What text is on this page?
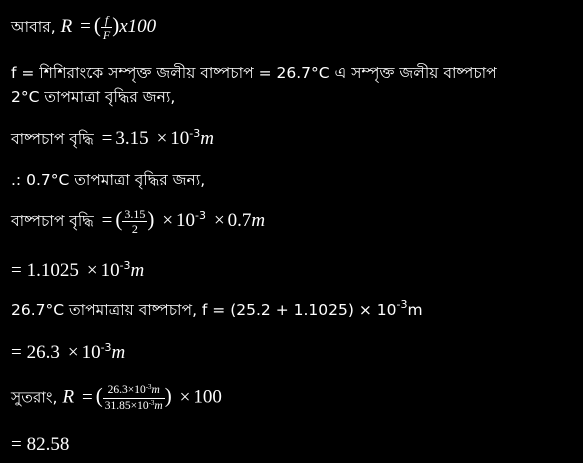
আবার, R = ( $\frac{f}{F} )x100$
f = শিশিরাংকে সম্পৃক্ত জলীয় বাষ্পচাপ = 26.7°C এ সম্পৃক্ত জলীয় বাষ্পচাপ
2°C তাপমাত্রা বৃদ্ধির জন্য,
বাষ্পচাপ বৃদ্ধি = $3.15 \times 10^{-3}m$
.: 0.7°C তাপমাত্রা বৃদ্ধির জন্য,
বাষ্পচাপ বৃদ্ধি = ( $\frac{3.15}{2}$ ) × $10^{-3} \times 0.7m$
= $1.1025 \times 10^{-3}m$
26.7°C তাপমাত্রায় বাষ্পচাপ, $f = (25.2 + 1.1025) \times 10^{-3}m$
= $26.3 \times 10^{-3}m$
সুতরাং, R = ( $\frac{26.3\times 10^{-3}m}{31.85\times 10^{-3}m}$ ) × 100
= 82.58
